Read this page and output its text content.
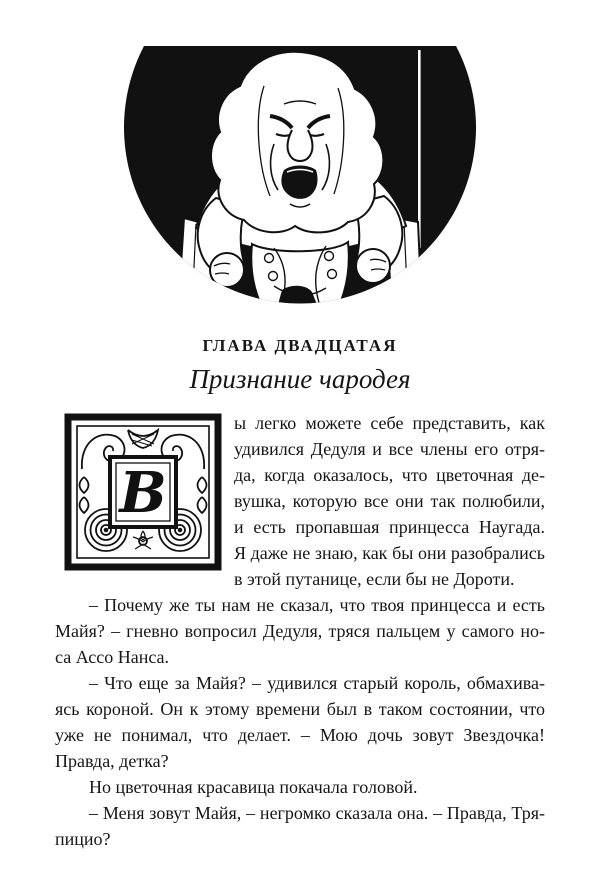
ГЛАВА ДВАДЦАТАЯ
Признание чародея
В
ы легко можете себе представить, как
удивился Дедуля и все члены его отря-
да, когда оказалось, что цветочная де-
вушка, которую все они так полюбили,
и есть пропавшая принцесса Наугада.
Я даже не знаю, как бы они разобрались
в этой путанице, если бы не Дороти.
– Почему же ты нам не сказал, что твоя принцесса и есть
Майя? – гневно вопросил Дедуля, тряся пальцем у самого но-
са Ассо Нанса.
– Что еще за Майя? – удивился старый король, обмахива-
ясь короной. Он к этому времени был в таком состоянии, что
уже не понимал, что делает. – Мою дочь зовут Звездочка!
Правда, детка?
Но цветочная красавица покачала головой.
– Меня зовут Майя, – негромко сказала она. – Правда, Тря-
пицио?
